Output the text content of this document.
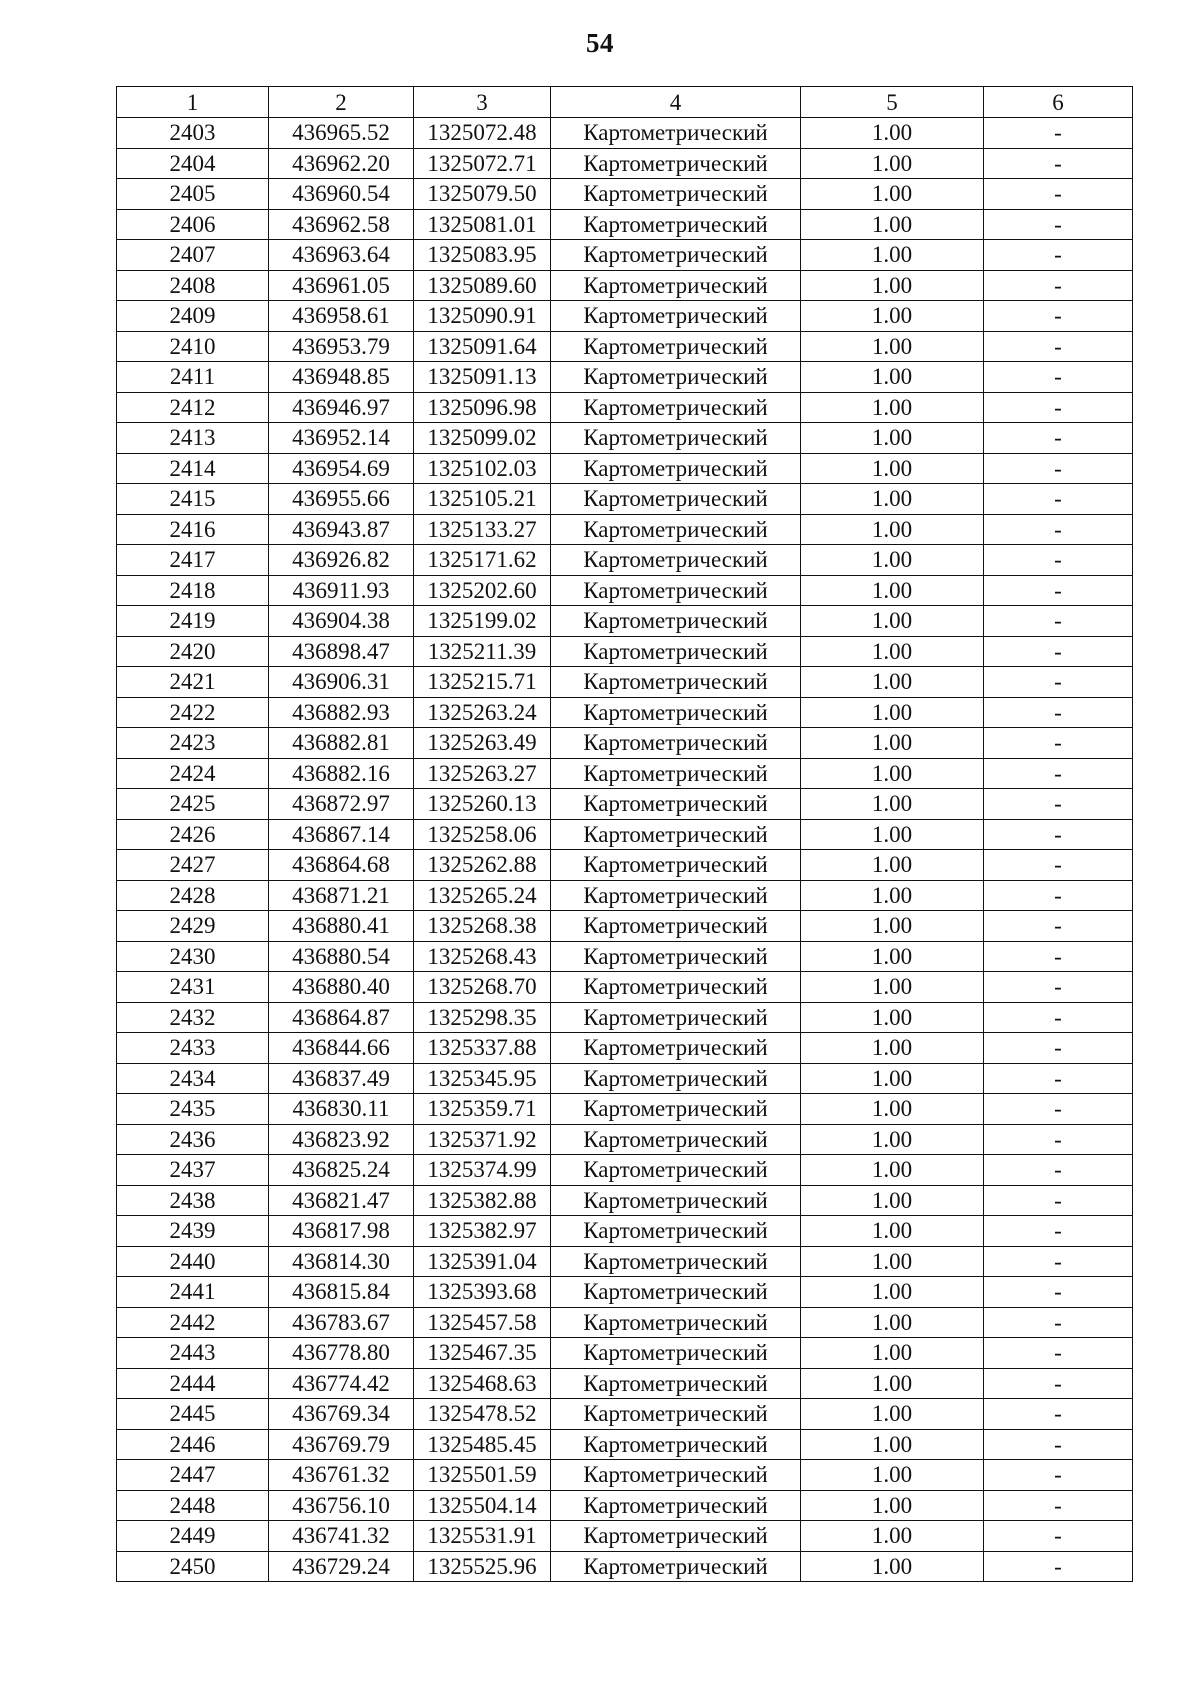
54
1	2	3	4	5	6
2403	436965.52	1325072.48	Картометрический	1.00	-
2404	436962.20	1325072.71	Картометрический	1.00	-
2405	436960.54	1325079.50	Картометрический	1.00	-
2406	436962.58	1325081.01	Картометрический	1.00	-
2407	436963.64	1325083.95	Картометрический	1.00	-
2408	436961.05	1325089.60	Картометрический	1.00	-
2409	436958.61	1325090.91	Картометрический	1.00	-
2410	436953.79	1325091.64	Картометрический	1.00	-
2411	436948.85	1325091.13	Картометрический	1.00	-
2412	436946.97	1325096.98	Картометрический	1.00	-
2413	436952.14	1325099.02	Картометрический	1.00	-
2414	436954.69	1325102.03	Картометрический	1.00	-
2415	436955.66	1325105.21	Картометрический	1.00	-
2416	436943.87	1325133.27	Картометрический	1.00	-
2417	436926.82	1325171.62	Картометрический	1.00	-
2418	436911.93	1325202.60	Картометрический	1.00	-
2419	436904.38	1325199.02	Картометрический	1.00	-
2420	436898.47	1325211.39	Картометрический	1.00	-
2421	436906.31	1325215.71	Картометрический	1.00	-
2422	436882.93	1325263.24	Картометрический	1.00	-
2423	436882.81	1325263.49	Картометрический	1.00	-
2424	436882.16	1325263.27	Картометрический	1.00	-
2425	436872.97	1325260.13	Картометрический	1.00	-
2426	436867.14	1325258.06	Картометрический	1.00	-
2427	436864.68	1325262.88	Картометрический	1.00	-
2428	436871.21	1325265.24	Картометрический	1.00	-
2429	436880.41	1325268.38	Картометрический	1.00	-
2430	436880.54	1325268.43	Картометрический	1.00	-
2431	436880.40	1325268.70	Картометрический	1.00	-
2432	436864.87	1325298.35	Картометрический	1.00	-
2433	436844.66	1325337.88	Картометрический	1.00	-
2434	436837.49	1325345.95	Картометрический	1.00	-
2435	436830.11	1325359.71	Картометрический	1.00	-
2436	436823.92	1325371.92	Картометрический	1.00	-
2437	436825.24	1325374.99	Картометрический	1.00	-
2438	436821.47	1325382.88	Картометрический	1.00	-
2439	436817.98	1325382.97	Картометрический	1.00	-
2440	436814.30	1325391.04	Картометрический	1.00	-
2441	436815.84	1325393.68	Картометрический	1.00	-
2442	436783.67	1325457.58	Картометрический	1.00	-
2443	436778.80	1325467.35	Картометрический	1.00	-
2444	436774.42	1325468.63	Картометрический	1.00	-
2445	436769.34	1325478.52	Картометрический	1.00	-
2446	436769.79	1325485.45	Картометрический	1.00	-
2447	436761.32	1325501.59	Картометрический	1.00	-
2448	436756.10	1325504.14	Картометрический	1.00	-
2449	436741.32	1325531.91	Картометрический	1.00	-
2450	436729.24	1325525.96	Картометрический	1.00	-
